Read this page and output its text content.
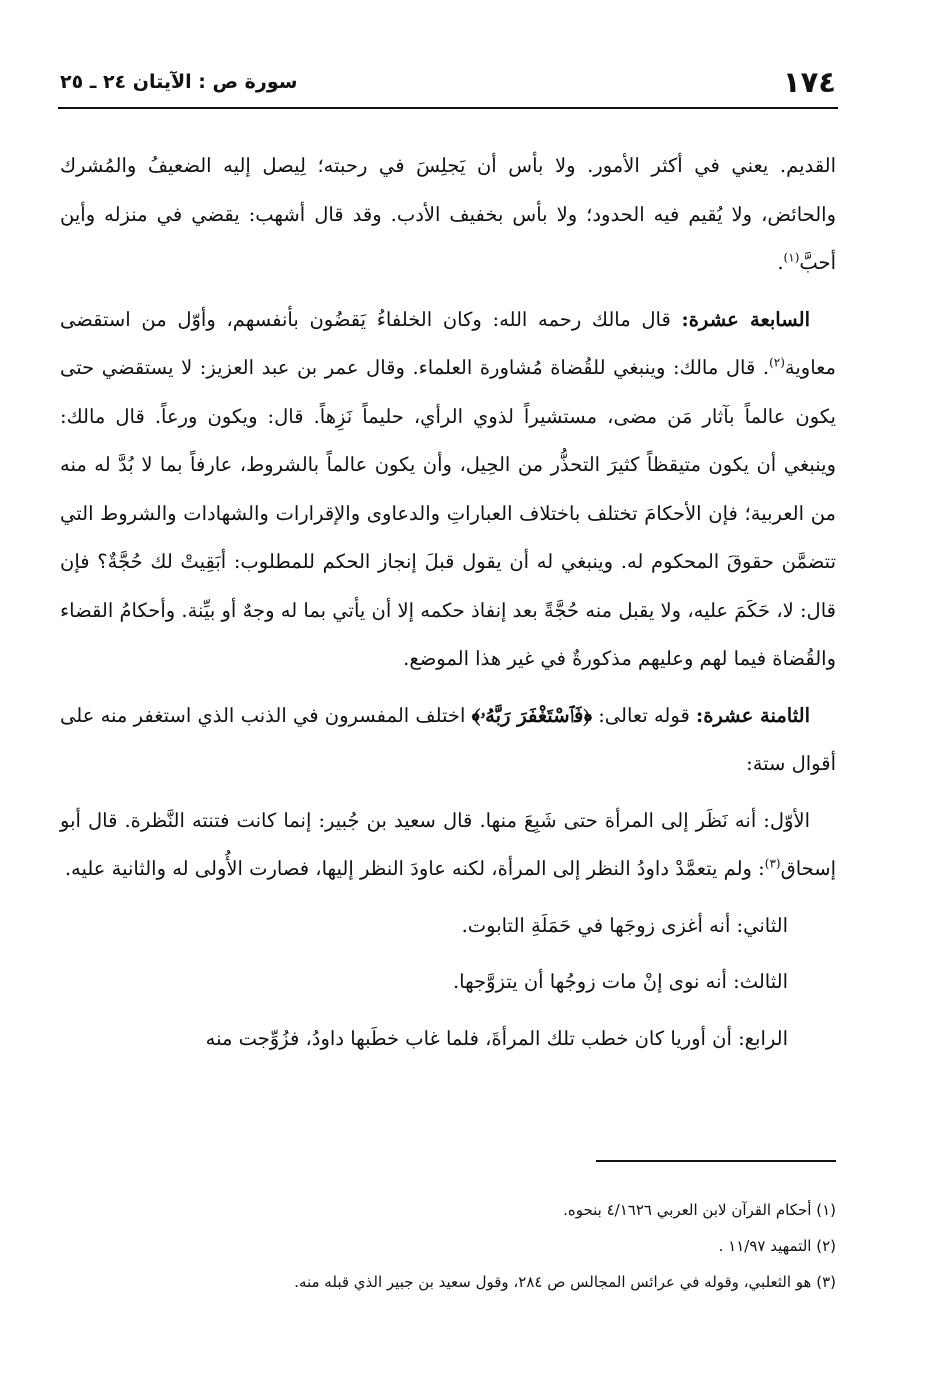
١٧٤
سورة ص : الآيتان ٢٤ ـ ٢٥

القديم. يعني في أكثر الأمور. ولا بأس أن يَجلِسَ في رحبته؛ لِيصل إليه الضعيفُ والمُشرك والحائض، ولا يُقيم فيه الحدود؛ ولا بأس بخفيف الأدب. وقد قال أشهب: يقضي في منزله وأين أحبَّ$^{(١)}$.

السابعة عشرة: قال مالك رحمه الله: وكان الخلفاءُ يَقضُون بأنفسهم، وأوّل من استقضى معاوية$^{(٢)}$. قال مالك: وينبغي للقُضاة مُشاورة العلماء. وقال عمر بن عبد العزيز: لا يستقضي حتى يكون عالماً بآثار مَن مضى، مستشيراً لذوي الرأي، حليماً نَزِهاً. قال: ويكون ورعاً. قال مالك: وينبغي أن يكون متيقظاً كثيرَ التحذُّر من الحِيل، وأن يكون عالماً بالشروط، عارفاً بما لا بُدَّ له منه من العربية؛ فإن الأحكامَ تختلف باختلاف العباراتِ والدعاوى والإقرارات والشهادات والشروط التي تتضمَّن حقوقَ المحكوم له. وينبغي له أن يقول قبلَ إنجاز الحكم للمطلوب: أبَقِيتْ لك حُجَّةٌ؟ فإن قال: لا، حَكَمَ عليه، ولا يقبل منه حُجَّةً بعد إنفاذ حكمه إلا أن يأتي بما له وجهٌ أو بيِّنة. وأحكامُ القضاء والقُضاة فيما لهم وعليهم مذكورةٌ في غير هذا الموضع.

الثامنة عشرة: قوله تعالى: ﴿فَٱسْتَغْفَرَ رَبَّهُۥ﴾ اختلف المفسرون في الذنب الذي استغفر منه على أقوال ستة:

الأوّل: أنه نَظَر إلى المرأة حتى شَبِعَ منها. قال سعيد بن جُبير: إنما كانت فتنته النَّظرة. قال أبو إسحاق$^{(٣)}$: ولم يتعمَّدْ داودُ النظر إلى المرأة، لكنه عاودَ النظر إليها، فصارت الأُولى له والثانية عليه.

الثاني: أنه أغزى زوجَها في حَمَلَةِ التابوت.

الثالث: أنه نوى إنْ مات زوجُها أن يتزوَّجها.

الرابع: أن أوريا كان خطب تلك المرأةَ، فلما غاب خطَبها داودُ، فزُوِّجت منه

(١) أحكام القرآن لابن العربي ٤/١٦٢٦ بنحوه.

(٢) التمهيد ١١/٩٧ .

(٣) هو الثعلبي، وقوله في عرائس المجالس ص ٢٨٤، وقول سعيد بن جبير الذي قبله منه.
